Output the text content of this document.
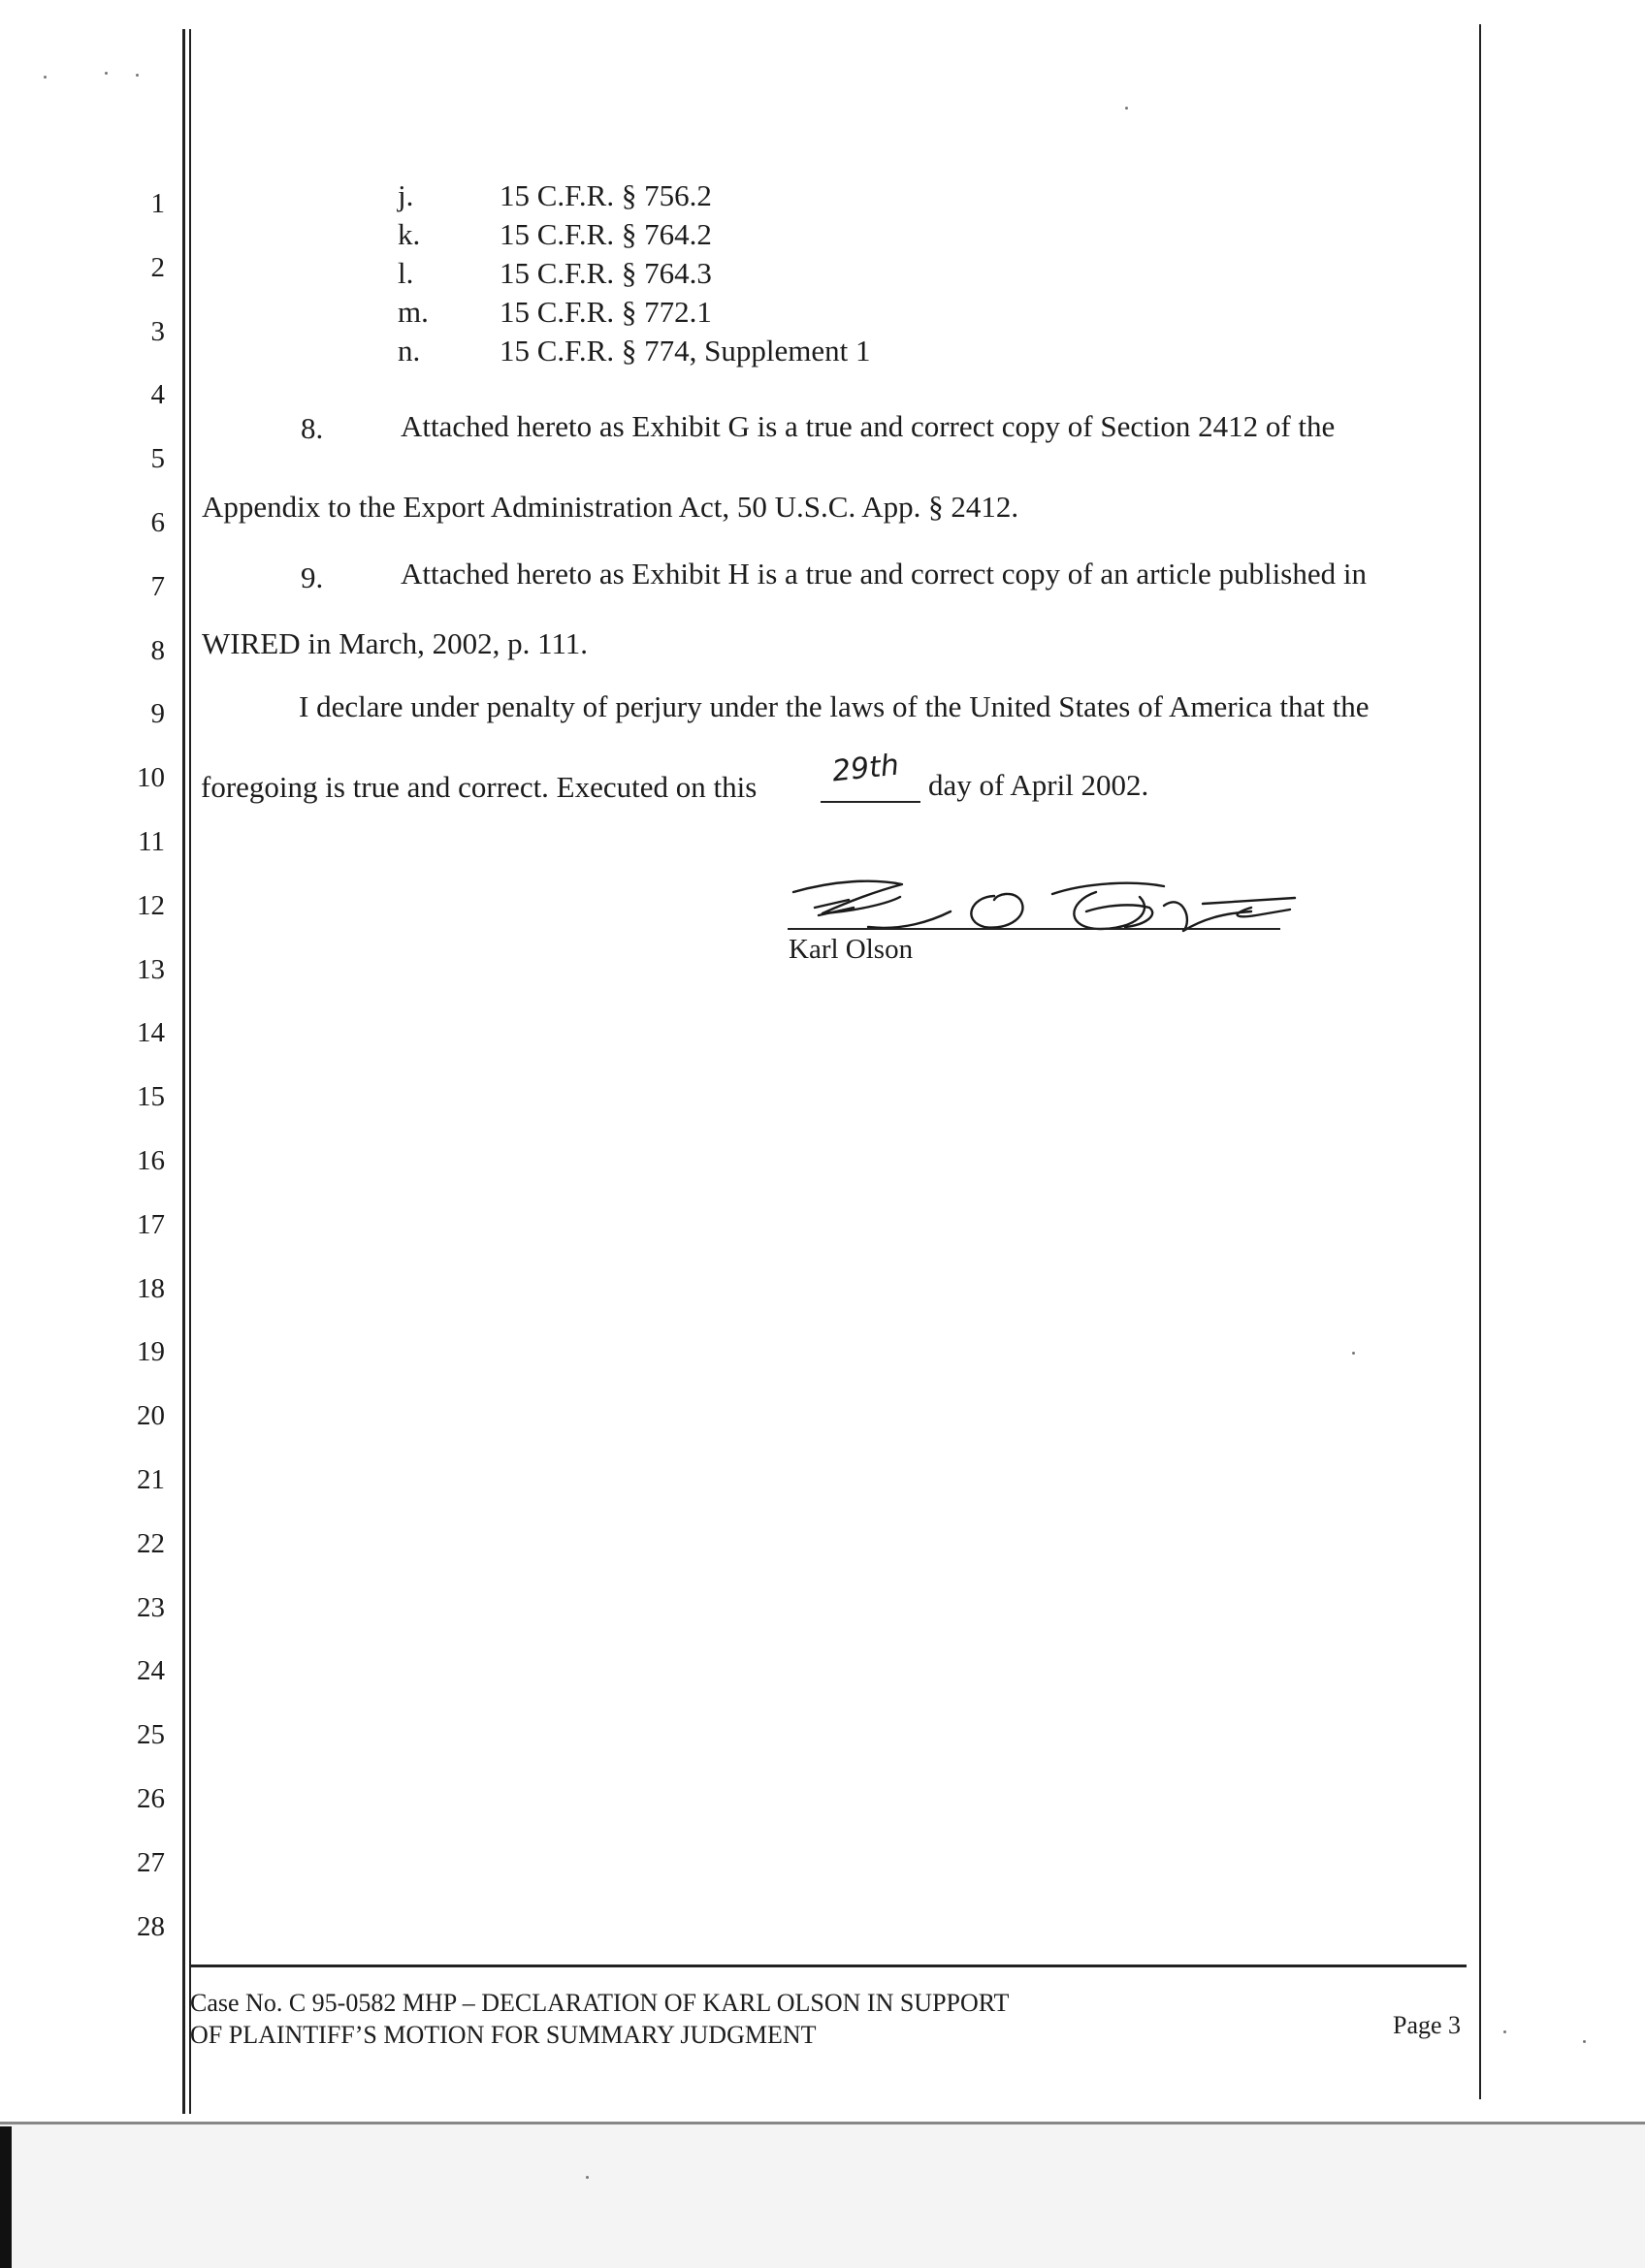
1
2
3
4
5
6
7
8
9
10
11
12
13
14
15
16
17
18
19
20
21
22
23
24
25
26
27
28
j.	15 C.F.R. § 756.2
k.	15 C.F.R. § 764.2
l.	15 C.F.R. § 764.3
m. 15 C.F.R. § 772.1
n.	15 C.F.R. § 774, Supplement 1
8.	Attached hereto as Exhibit G is a true and correct copy of Section 2412 of the
Appendix to the Export Administration Act, 50 U.S.C. App. § 2412.
9.	Attached hereto as Exhibit H is a true and correct copy of an article published in
WIRED in March, 2002, p. 111.
I declare under penalty of perjury under the laws of the United States of America that the
foregoing is true and correct. Executed on this	29th day of April 2002.
Karl Olson
Case No. C 95-0582 MHP – DECLARATION OF KARL OLSON IN SUPPORT
OF PLAINTIFF’S MOTION FOR SUMMARY JUDGMENT	Page 3
